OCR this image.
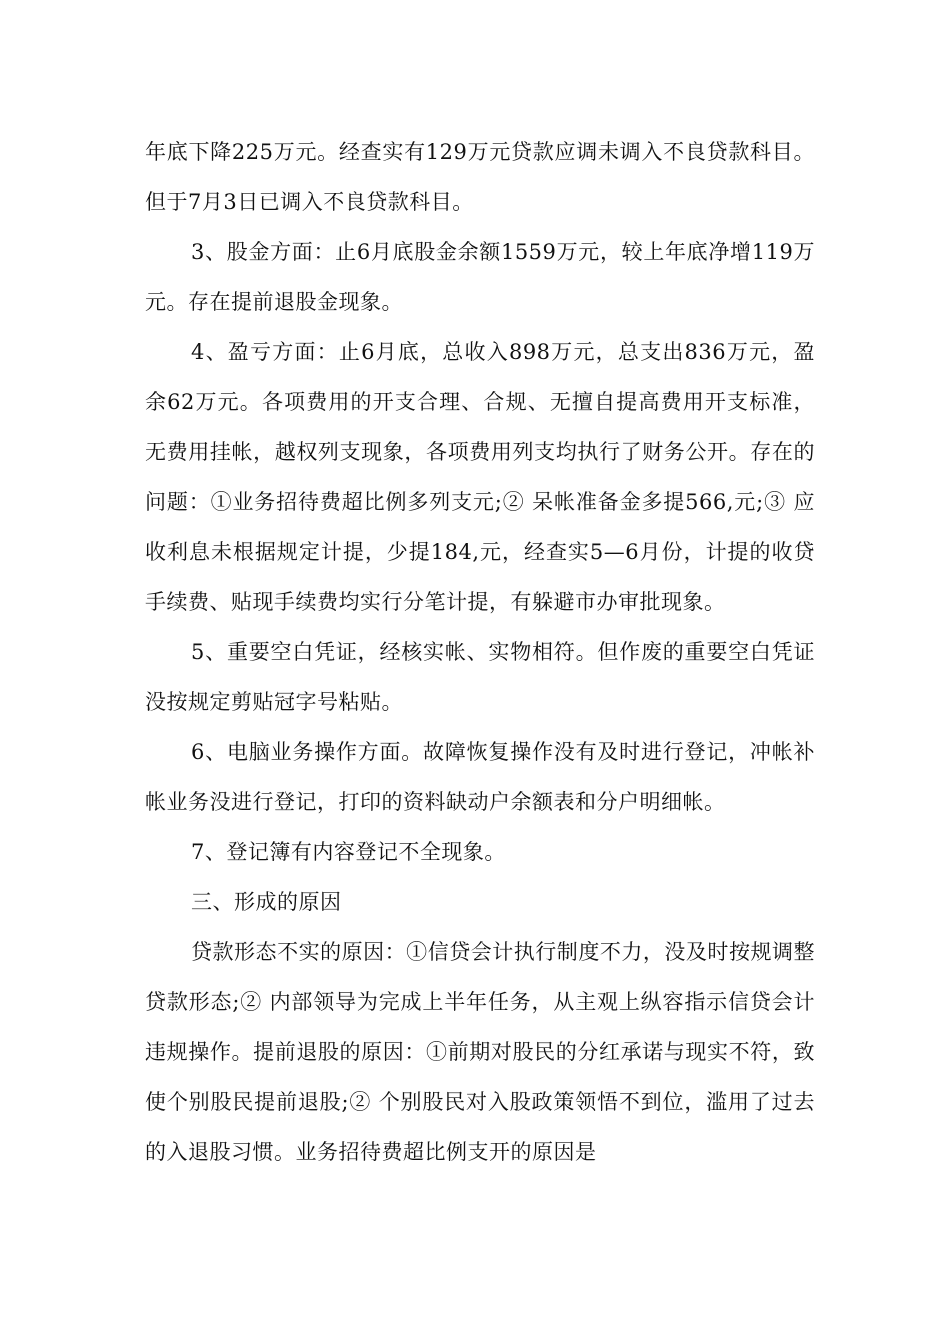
年底下降225万元。经查实有129万元贷款应调未调入不良贷款科目。但于7月3日已调入不良贷款科目。

3、股金方面：止6月底股金余额1559万元，较上年底净增119万元。存在提前退股金现象。

4、盈亏方面：止6月底，总收入898万元，总支出836万元，盈余62万元。各项费用的开支合理、合规、无擅自提高费用开支标准，无费用挂帐，越权列支现象，各项费用列支均执行了财务公开。存在的问题：①业务招待费超比例多列支元;② 呆帐准备金多提566,元;③ 应收利息未根据规定计提，少提184,元，经查实5—6月份，计提的收贷手续费、贴现手续费均实行分笔计提，有躲避市办审批现象。

5、重要空白凭证，经核实帐、实物相符。但作废的重要空白凭证没按规定剪贴冠字号粘贴。

6、电脑业务操作方面。故障恢复操作没有及时进行登记，冲帐补帐业务没进行登记，打印的资料缺动户余额表和分户明细帐。

7、登记簿有内容登记不全现象。

三、形成的原因

贷款形态不实的原因：①信贷会计执行制度不力，没及时按规调整贷款形态;② 内部领导为完成上半年任务，从主观上纵容指示信贷会计违规操作。提前退股的原因：①前期对股民的分红承诺与现实不符，致使个别股民提前退股;② 个别股民对入股政策领悟不到位，滥用了过去的入退股习惯。业务招待费超比例支开的原因是
